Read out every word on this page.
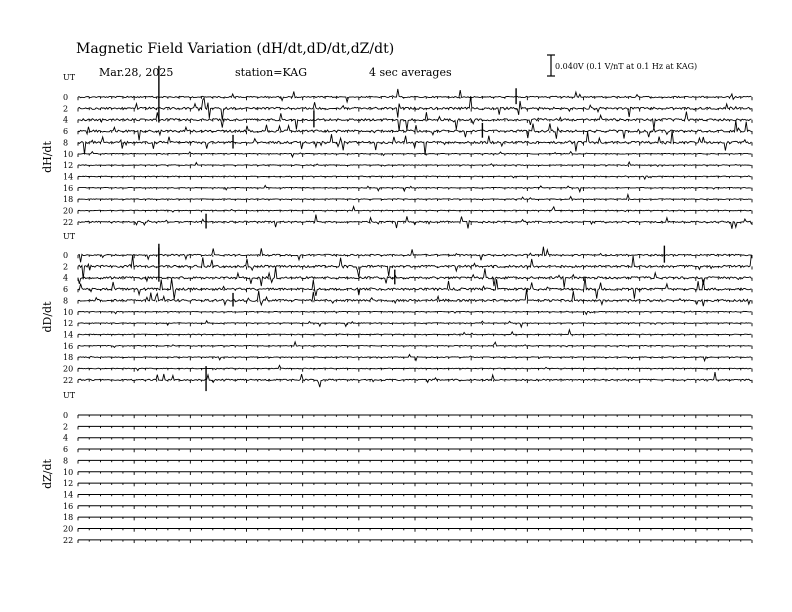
Magnetic Field Variation (dH/dt,dD/dt,dZ/dt)
Mar.28, 2025	station=KAG	4 sec averages	0.040V (0.1 V/nT at 0.1 Hz at KAG)
UT
dH/dt
0
2
4
6
8
10
12
14
16
18
20
22
UT
dD/dt
0
2
4
6
8
10
12
14
16
18
20
22
UT
dZ/dt
0
2
4
6
8
10
12
14
16
18
20
22
